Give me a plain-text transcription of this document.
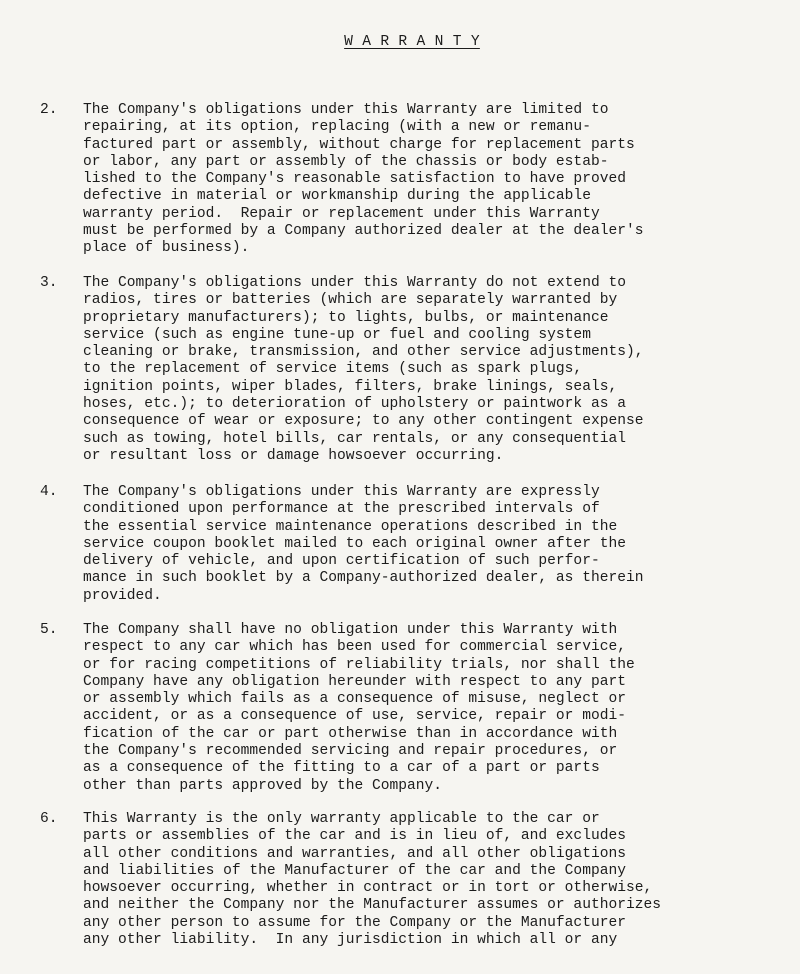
W A R R A N T Y
2.	The Company's obligations under this Warranty are limited to
repairing, at its option, replacing (with a new or remanu-
factured part or assembly, without charge for replacement parts
or labor, any part or assembly of the chassis or body estab-
lished to the Company's reasonable satisfaction to have proved
defective in material or workmanship during the applicable
warranty period.  Repair or replacement under this Warranty
must be performed by a Company authorized dealer at the dealer's
place of business).
3.	The Company's obligations under this Warranty do not extend to
radios, tires or batteries (which are separately warranted by
proprietary manufacturers); to lights, bulbs, or maintenance
service (such as engine tune-up or fuel and cooling system
cleaning or brake, transmission, and other service adjustments),
to the replacement of service items (such as spark plugs,
ignition points, wiper blades, filters, brake linings, seals,
hoses, etc.); to deterioration of upholstery or paintwork as a
consequence of wear or exposure; to any other contingent expense
such as towing, hotel bills, car rentals, or any consequential
or resultant loss or damage howsoever occurring.
4.	The Company's obligations under this Warranty are expressly
conditioned upon performance at the prescribed intervals of
the essential service maintenance operations described in the
service coupon booklet mailed to each original owner after the
delivery of vehicle, and upon certification of such perfor-
mance in such booklet by a Company-authorized dealer, as therein
provided.
5.	The Company shall have no obligation under this Warranty with
respect to any car which has been used for commercial service,
or for racing competitions of reliability trials, nor shall the
Company have any obligation hereunder with respect to any part
or assembly which fails as a consequence of misuse, neglect or
accident, or as a consequence of use, service, repair or modi-
fication of the car or part otherwise than in accordance with
the Company's recommended servicing and repair procedures, or
as a consequence of the fitting to a car of a part or parts
other than parts approved by the Company.
6.	This Warranty is the only warranty applicable to the car or
parts or assemblies of the car and is in lieu of, and excludes
all other conditions and warranties, and all other obligations
and liabilities of the Manufacturer of the car and the Company
howsoever occurring, whether in contract or in tort or otherwise,
and neither the Company nor the Manufacturer assumes or authorizes
any other person to assume for the Company or the Manufacturer
any other liability.  In any jurisdiction in which all or any
